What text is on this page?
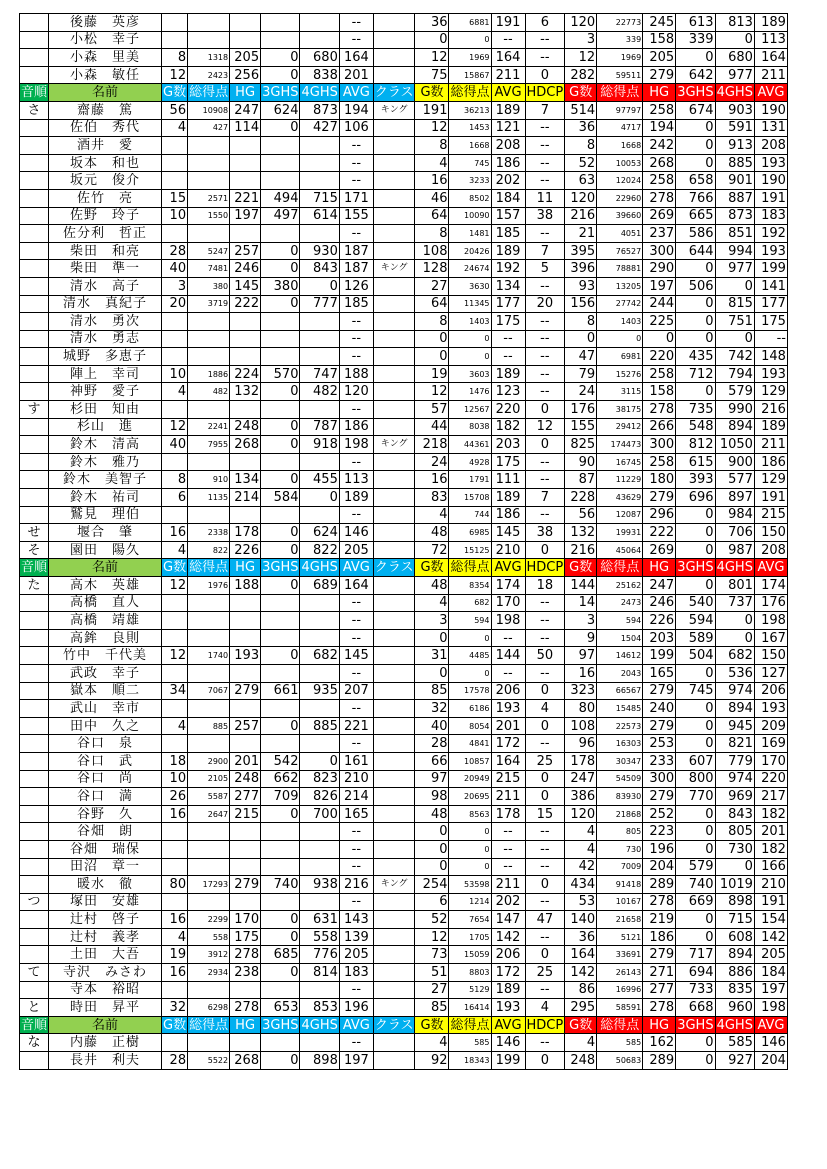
	後藤　英彦						--		36	6881	191	6	120	22773	245	613	813	189
	小松　幸子						--		0	0	--	--	3	339	158	339	0	113
	小森　里美	8	1318	205	0	680	164		12	1969	164	--	12	1969	205	0	680	164
	小森　敏任	12	2423	256	0	838	201		75	15867	211	0	282	59511	279	642	977	211
音順	名前	G数	総得点	HG	3GHS	4GHS	AVG	クラス	G数	総得点	AVG	HDCP	G数	総得点	HG	3GHS	4GHS	AVG
さ	齋藤　篤	56	10908	247	624	873	194	キング	191	36213	189	7	514	97797	258	674	903	190
	佐伯　秀代	4	427	114	0	427	106		12	1453	121	--	36	4717	194	0	591	131
	酒井　愛						--		8	1668	208	--	8	1668	242	0	913	208
	坂本　和也						--		4	745	186	--	52	10053	268	0	885	193
	坂元　俊介						--		16	3233	202	--	63	12024	258	658	901	190
	佐竹　亮	15	2571	221	494	715	171		46	8502	184	11	120	22960	278	766	887	191
	佐野　玲子	10	1550	197	497	614	155		64	10090	157	38	216	39660	269	665	873	183
	佐分利　哲正						--		8	1481	185	--	21	4051	237	586	851	192
	柴田　和亮	28	5247	257	0	930	187		108	20426	189	7	395	76527	300	644	994	193
	柴田　準一	40	7481	246	0	843	187	キング	128	24674	192	5	396	78881	290	0	977	199
	清水　高子	3	380	145	380	0	126		27	3630	134	--	93	13205	197	506	0	141
	清水　真紀子	20	3719	222	0	777	185		64	11345	177	20	156	27742	244	0	815	177
	清水　勇次						--		8	1403	175	--	8	1403	225	0	751	175
	清水　勇志						--		0	0	--	--	0	0	0	0	0	--
	城野　多恵子						--		0	0	--	--	47	6981	220	435	742	148
	陣上　幸司	10	1886	224	570	747	188		19	3603	189	--	79	15276	258	712	794	193
	神野　愛子	4	482	132	0	482	120		12	1476	123	--	24	3115	158	0	579	129
す	杉田　知由						--		57	12567	220	0	176	38175	278	735	990	216
	杉山　進	12	2241	248	0	787	186		44	8038	182	12	155	29412	266	548	894	189
	鈴木　清高	40	7955	268	0	918	198	キング	218	44361	203	0	825	174473	300	812	1050	211
	鈴木　雅乃						--		24	4928	175	--	90	16745	258	615	900	186
	鈴木　美智子	8	910	134	0	455	113		16	1791	111	--	87	11229	180	393	577	129
	鈴木　祐司	6	1135	214	584	0	189		83	15708	189	7	228	43629	279	696	897	191
	鷲見　理伯						--		4	744	186	--	56	12087	296	0	984	215
せ	堰合　肇	16	2338	178	0	624	146		48	6985	145	38	132	19931	222	0	706	150
そ	園田　陽久	4	822	226	0	822	205		72	15125	210	0	216	45064	269	0	987	208
音順	名前	G数	総得点	HG	3GHS	4GHS	AVG	クラス	G数	総得点	AVG	HDCP	G数	総得点	HG	3GHS	4GHS	AVG
た	高木　英雄	12	1976	188	0	689	164		48	8354	174	18	144	25162	247	0	801	174
	高橋　直人						--		4	682	170	--	14	2473	246	540	737	176
	高橋　靖雄						--		3	594	198	--	3	594	226	594	0	198
	高鉾　良則						--		0	0	--	--	9	1504	203	589	0	167
	竹中　千代美	12	1740	193	0	682	145		31	4485	144	50	97	14612	199	504	682	150
	武政　幸子						--		0	0	--	--	16	2043	165	0	536	127
	嶽本　順二	34	7067	279	661	935	207		85	17578	206	0	323	66567	279	745	974	206
	武山　幸市						--		32	6186	193	4	80	15485	240	0	894	193
	田中　久之	4	885	257	0	885	221		40	8054	201	0	108	22573	279	0	945	209
	谷口　泉						--		28	4841	172	--	96	16303	253	0	821	169
	谷口　武	18	2900	201	542	0	161		66	10857	164	25	178	30347	233	607	779	170
	谷口　尚	10	2105	248	662	823	210		97	20949	215	0	247	54509	300	800	974	220
	谷口　満	26	5587	277	709	826	214		98	20695	211	0	386	83930	279	770	969	217
	谷野　久	16	2647	215	0	700	165		48	8563	178	15	120	21868	252	0	843	182
	谷畑　朗						--		0	0	--	--	4	805	223	0	805	201
	谷畑　瑞保						--		0	0	--	--	4	730	196	0	730	182
	田沼　章一						--		0	0	--	--	42	7009	204	579	0	166
	暖水　徹	80	17293	279	740	938	216	キング	254	53598	211	0	434	91418	289	740	1019	210
つ	塚田　安雄						--		6	1214	202	--	53	10167	278	669	898	191
	辻村　啓子	16	2299	170	0	631	143		52	7654	147	47	140	21658	219	0	715	154
	辻村　義孝	4	558	175	0	558	139		12	1705	142	--	36	5121	186	0	608	142
	土田　大吾	19	3912	278	685	776	205		73	15059	206	0	164	33691	279	717	894	205
て	寺沢　みさわ	16	2934	238	0	814	183		51	8803	172	25	142	26143	271	694	886	184
	寺本　裕昭						--		27	5129	189	--	86	16996	277	733	835	197
と	時田　昇平	32	6298	278	653	853	196		85	16414	193	4	295	58591	278	668	960	198
音順	名前	G数	総得点	HG	3GHS	4GHS	AVG	クラス	G数	総得点	AVG	HDCP	G数	総得点	HG	3GHS	4GHS	AVG
な	内藤　正樹						--		4	585	146	--	4	585	162	0	585	146
	長井　利夫	28	5522	268	0	898	197		92	18343	199	0	248	50683	289	0	927	204
